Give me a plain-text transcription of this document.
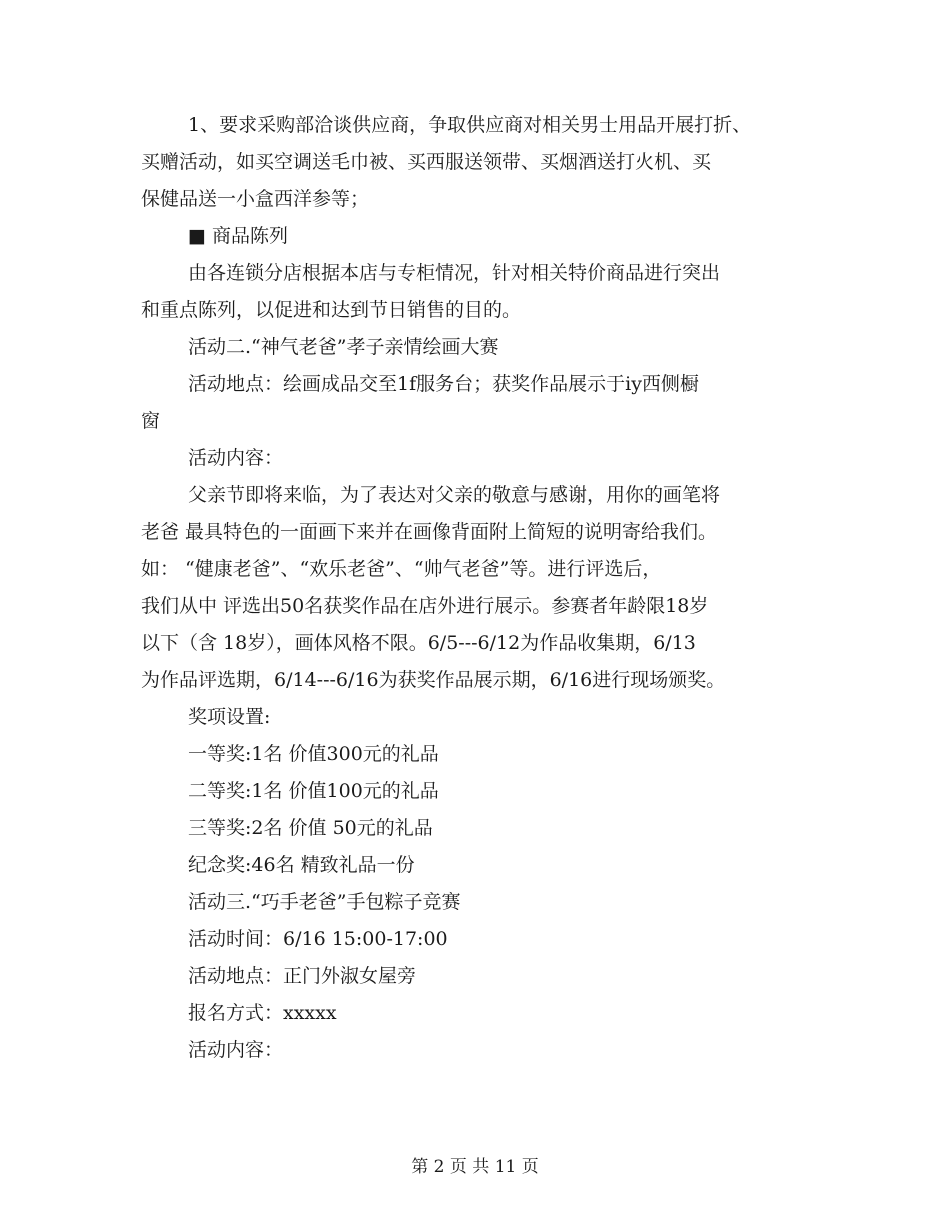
1、要求采购部洽谈供应商，争取供应商对相关男士用品开展打折、
买赠活动，如买空调送毛巾被、买西服送领带、买烟酒送打火机、买
保健品送一小盒西洋参等；
■ 商品陈列
由各连锁分店根据本店与专柜情况，针对相关特价商品进行突出
和重点陈列，以促进和达到节日销售的目的。
活动二.“神气老爸”孝子亲情绘画大赛
活动地点：绘画成品交至1f服务台；获奖作品展示于iy西侧橱
窗
活动内容：
父亲节即将来临，为了表达对父亲的敬意与感谢，用你的画笔将
老爸 最具特色的一面画下来并在画像背面附上简短的说明寄给我们。
如： “健康老爸”、“欢乐老爸”、“帅气老爸”等。进行评选后，
我们从中 评选出50名获奖作品在店外进行展示。参赛者年龄限18岁
以下（含 18岁），画体风格不限。6/5---6/12为作品收集期，6/13
为作品评选期，6/14---6/16为获奖作品展示期，6/16进行现场颁奖。
奖项设置:
一等奖:1名 价值300元的礼品
二等奖:1名 价值100元的礼品
三等奖:2名 价值 50元的礼品
纪念奖:46名 精致礼品一份
活动三.“巧手老爸”手包粽子竞赛
活动时间：6/16 15:00-17:00
活动地点：正门外淑女屋旁
报名方式：xxxxx
活动内容：
第 2 页 共 11 页
